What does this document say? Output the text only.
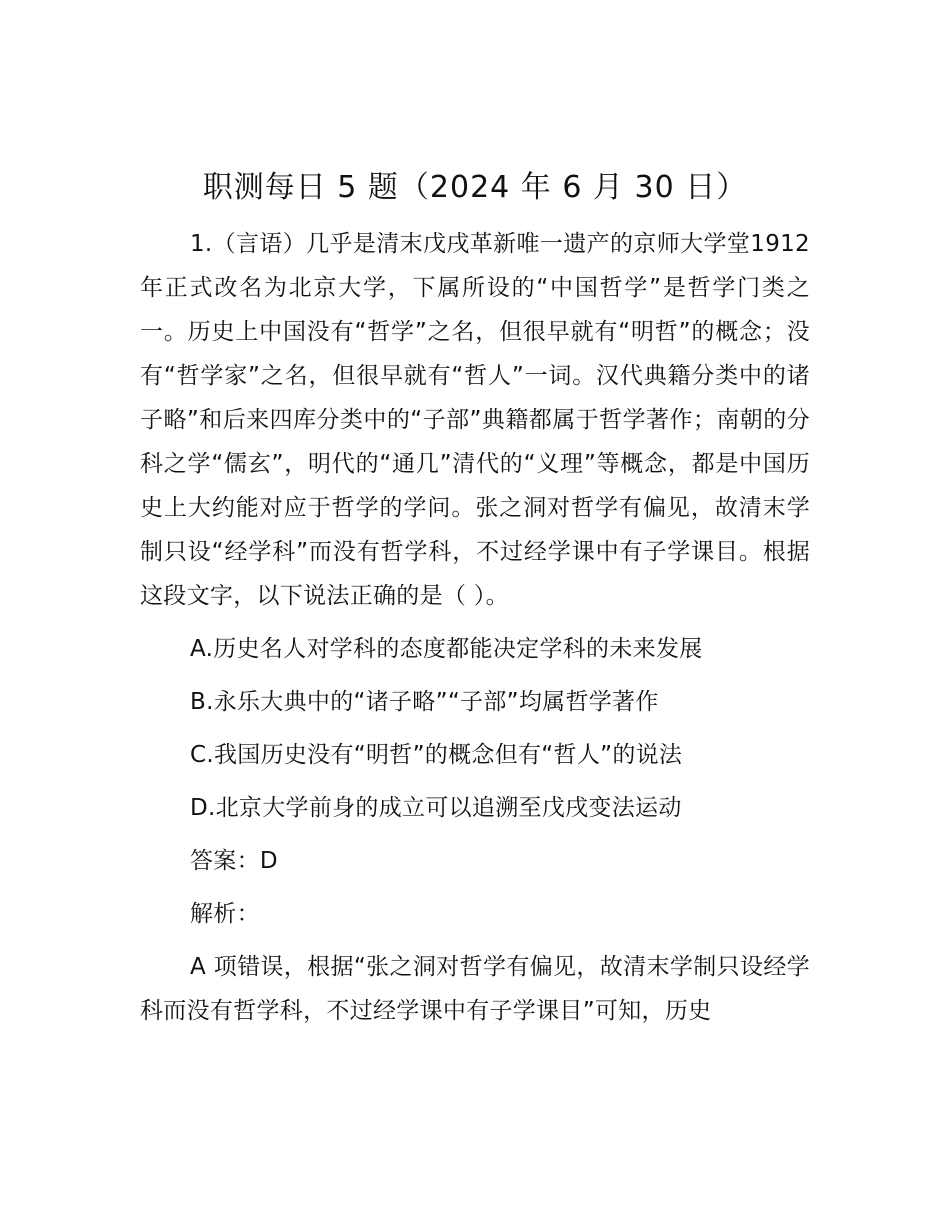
职测每日 5 题（2024 年 6 月 30 日）

1.（言语）几乎是清末戊戌革新唯一遗产的京师大学堂1912 年正式改名为北京大学，下属所设的“中国哲学”是哲学门类之一。历史上中国没有“哲学”之名，但很早就有“明哲”的概念；没有“哲学家”之名，但很早就有“哲人”一词。汉代典籍分类中的诸子略”和后来四库分类中的“子部”典籍都属于哲学著作；南朝的分科之学“儒玄”，明代的“通几”清代的“义理”等概念，都是中国历史上大约能对应于哲学的学问。张之洞对哲学有偏见，故清末学制只设“经学科”而没有哲学科，不过经学课中有子学课目。根据这段文字，以下说法正确的是（ ）。

A.历史名人对学科的态度都能决定学科的未来发展

B.永乐大典中的“诸子略”“子部”均属哲学著作

C.我国历史没有“明哲”的概念但有“哲人”的说法

D.北京大学前身的成立可以追溯至戊戌变法运动

答案：D

解析：

A 项错误，根据“张之洞对哲学有偏见，故清末学制只设经学科而没有哲学科，不过经学课中有子学课目”可知，历史
